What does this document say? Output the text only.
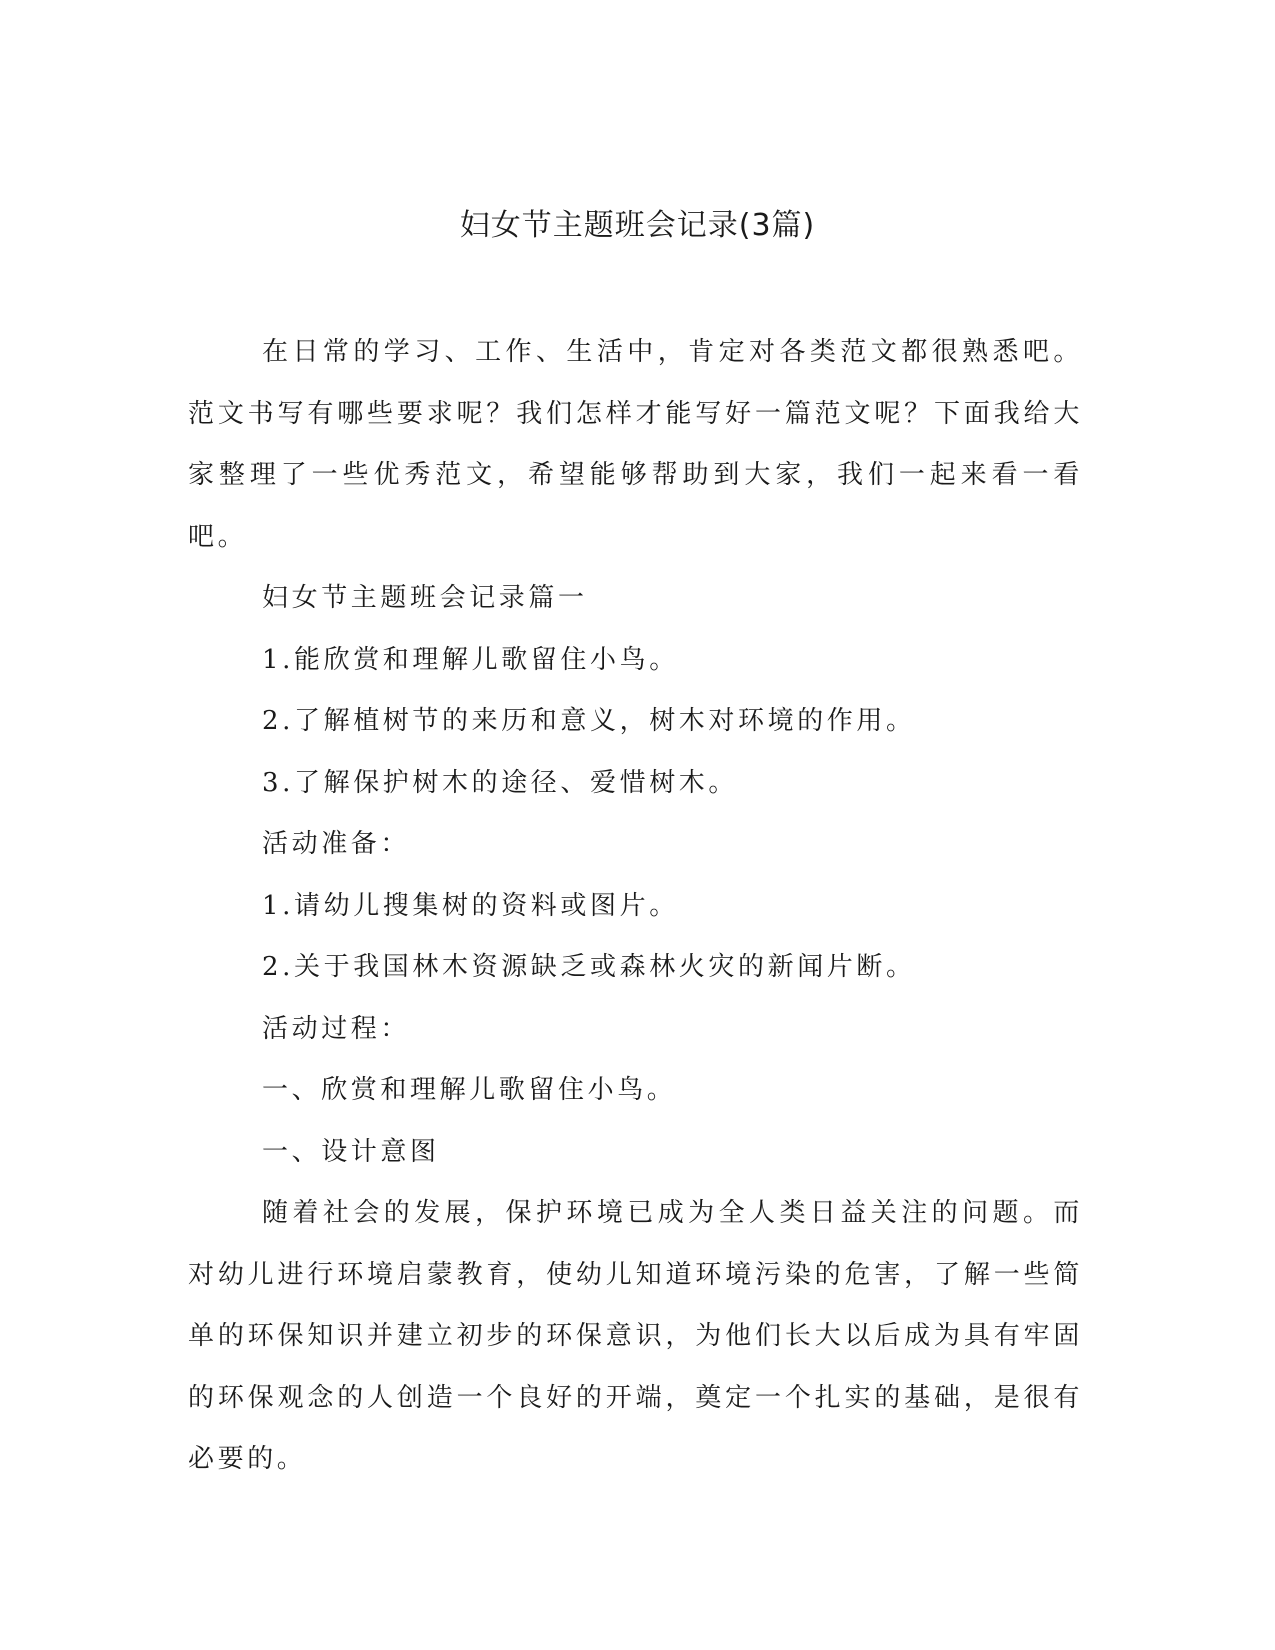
妇女节主题班会记录(3篇)

在日常的学习、工作、生活中，肯定对各类范文都很熟悉吧。范文书写有哪些要求呢？我们怎样才能写好一篇范文呢？下面我给大家整理了一些优秀范文，希望能够帮助到大家，我们一起来看一看吧。

妇女节主题班会记录篇一

1.能欣赏和理解儿歌留住小鸟。

2.了解植树节的来历和意义，树木对环境的作用。

3.了解保护树木的途径、爱惜树木。

活动准备：

1.请幼儿搜集树的资料或图片。

2.关于我国林木资源缺乏或森林火灾的新闻片断。

活动过程：

一、欣赏和理解儿歌留住小鸟。

一、设计意图

随着社会的发展，保护环境已成为全人类日益关注的问题。而对幼儿进行环境启蒙教育，使幼儿知道环境污染的危害，了解一些简单的环保知识并建立初步的环保意识，为他们长大以后成为具有牢固的环保观念的人创造一个良好的开端，奠定一个扎实的基础，是很有必要的。
